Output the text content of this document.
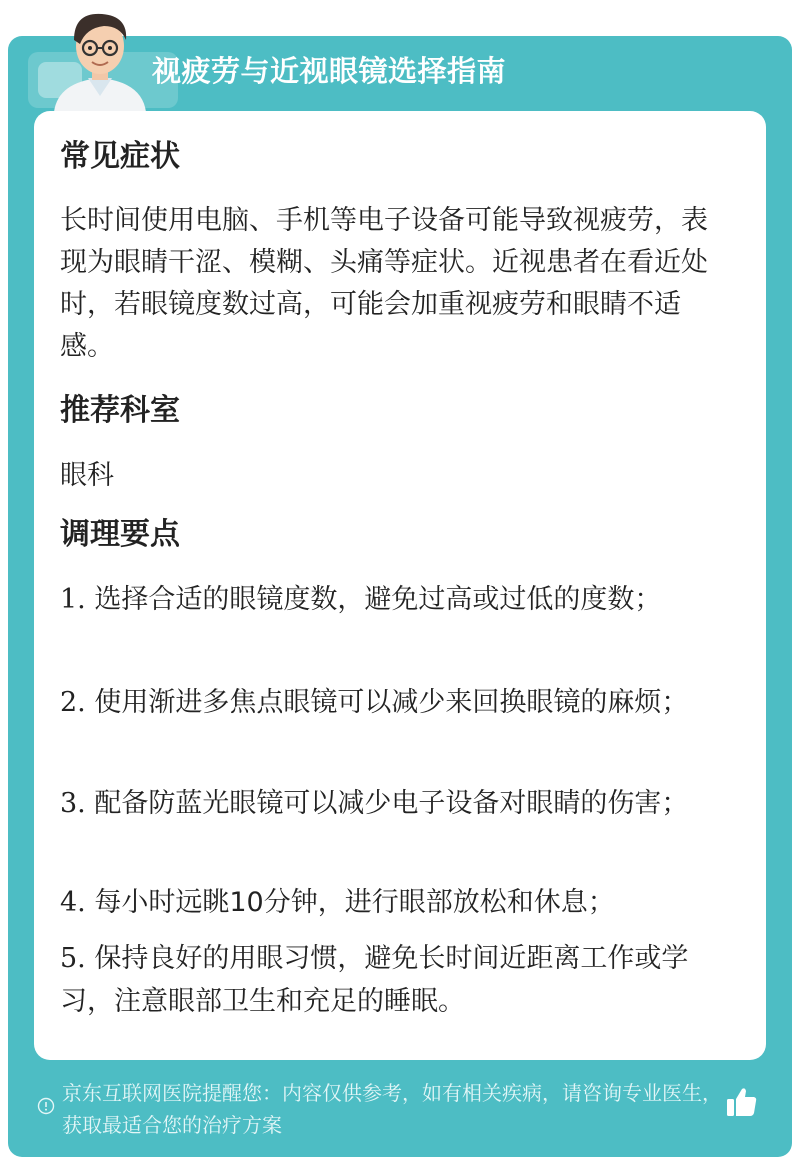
视疲劳与近视眼镜选择指南
常见症状
长时间使用电脑、手机等电子设备可能导致视疲劳，表现为眼睛干涩、模糊、头痛等症状。近视患者在看近处时，若眼镜度数过高，可能会加重视疲劳和眼睛不适感。
推荐科室
眼科
调理要点
1. 选择合适的眼镜度数，避免过高或过低的度数；
2. 使用渐进多焦点眼镜可以减少来回换眼镜的麻烦；
3. 配备防蓝光眼镜可以减少电子设备对眼睛的伤害；
4. 每小时远眺10分钟，进行眼部放松和休息；
5. 保持良好的用眼习惯，避免长时间近距离工作或学习，注意眼部卫生和充足的睡眠。
京东互联网医院提醒您：内容仅供参考，如有相关疾病，请咨询专业医生，获取最适合您的治疗方案
